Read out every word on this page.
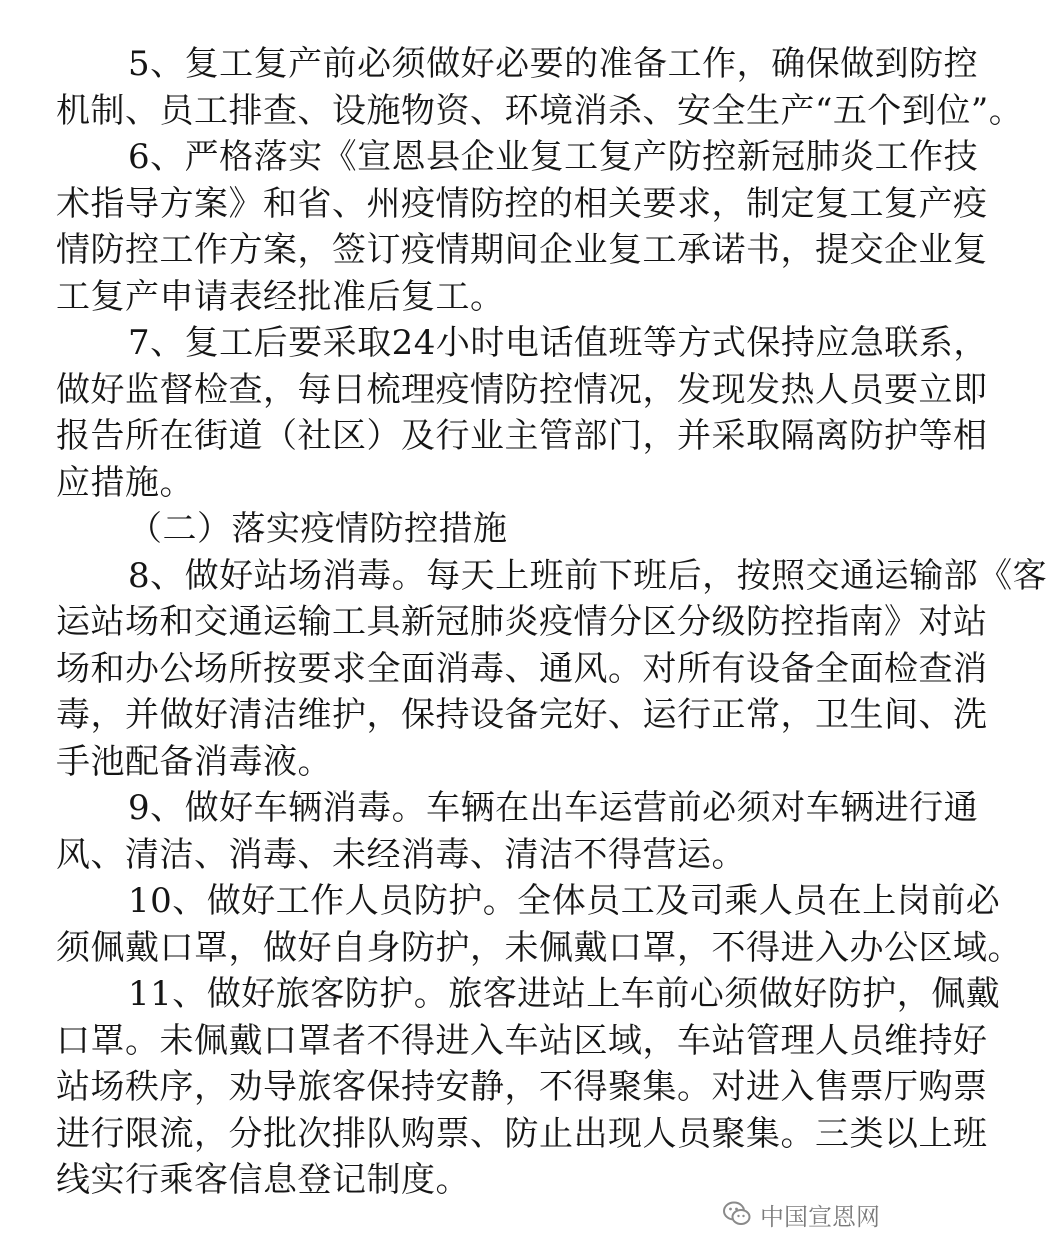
5、复工复产前必须做好必要的准备工作，确保做到防控
机制、员工排查、设施物资、环境消杀、安全生产“五个到位”。
6、严格落实《宣恩县企业复工复产防控新冠肺炎工作技
术指导方案》和省、州疫情防控的相关要求，制定复工复产疫
情防控工作方案，签订疫情期间企业复工承诺书，提交企业复
工复产申请表经批准后复工。
7、复工后要采取24小时电话值班等方式保持应急联系，
做好监督检查，每日梳理疫情防控情况，发现发热人员要立即
报告所在街道（社区）及行业主管部门，并采取隔离防护等相
应措施。
（二）落实疫情防控措施
8、做好站场消毒。每天上班前下班后，按照交通运输部《客
运站场和交通运输工具新冠肺炎疫情分区分级防控指南》对站
场和办公场所按要求全面消毒、通风。对所有设备全面检查消
毒，并做好清洁维护，保持设备完好、运行正常，卫生间、洗
手池配备消毒液。
9、做好车辆消毒。车辆在出车运营前必须对车辆进行通
风、清洁、消毒、未经消毒、清洁不得营运。
10、做好工作人员防护。全体员工及司乘人员在上岗前必
须佩戴口罩，做好自身防护，未佩戴口罩，不得进入办公区域。
11、做好旅客防护。旅客进站上车前心须做好防护，佩戴
口罩。未佩戴口罩者不得进入车站区域，车站管理人员维持好
站场秩序，劝导旅客保持安静，不得聚集。对进入售票厅购票
进行限流，分批次排队购票、防止出现人员聚集。三类以上班
线实行乘客信息登记制度。
中国宣恩网
